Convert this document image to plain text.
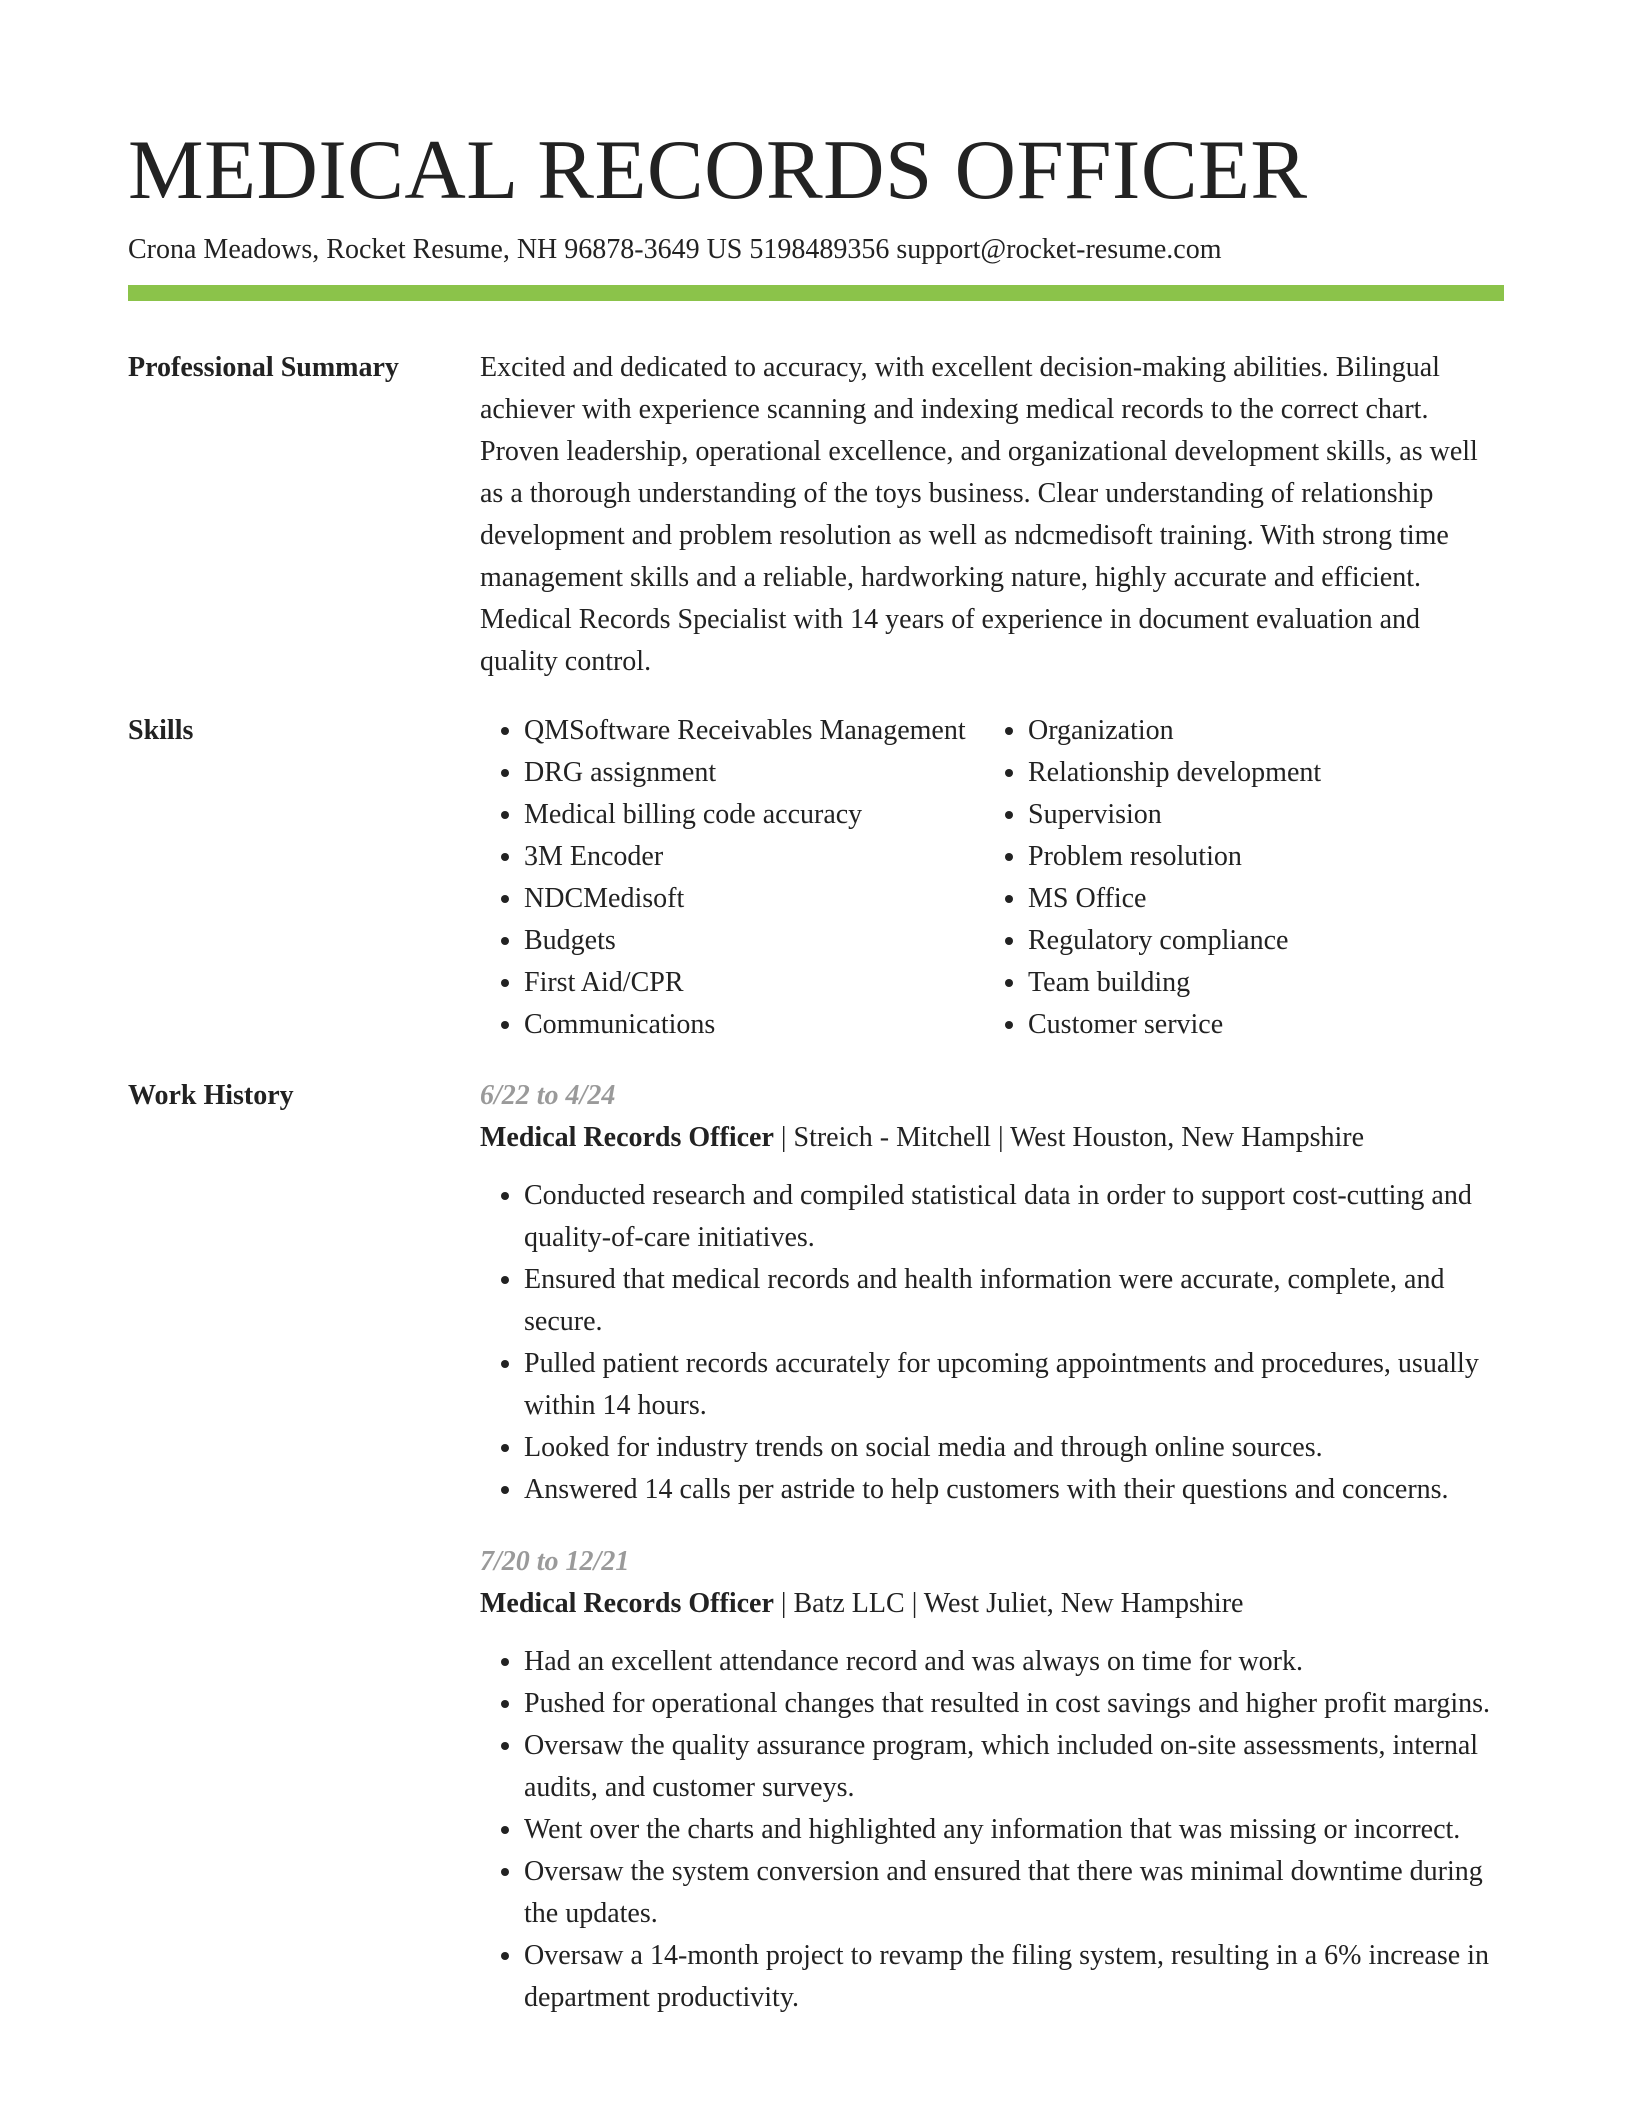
MEDICAL RECORDS OFFICER
Crona Meadows, Rocket Resume, NH 96878-3649 US 5198489356 support@rocket-resume.com
Professional Summary	Excited and dedicated to accuracy, with excellent decision-making abilities. Bilingual achiever with experience scanning and indexing medical records to the correct chart. Proven leadership, operational excellence, and organizational development skills, as well as a thorough understanding of the toys business. Clear understanding of relationship development and problem resolution as well as ndcmedisoft training. With strong time management skills and a reliable, hardworking nature, highly accurate and efficient. Medical Records Specialist with 14 years of experience in document evaluation and quality control.

Skills
•	QMSoftware Receivables Management
• DRG assignment
• Medical billing code accuracy
• 3M Encoder
• NDCMedisoft
• Budgets
• First Aid/CPR
• Communications
• Organization
• Relationship development
• Supervision
• Problem resolution
• MS Office
• Regulatory compliance
• Team building
• Customer service
Work History	6/22 to 4/24
Medical Records Officer | Streich - Mitchell | West Houston, New Hampshire
• Conducted research and compiled statistical data in order to support cost-cutting and quality-of-care initiatives.
• Ensured that medical records and health information were accurate, complete, and secure.
• Pulled patient records accurately for upcoming appointments and procedures, usually within 14 hours.
• Looked for industry trends on social media and through online sources.
• Answered 14 calls per astride to help customers with their questions and concerns.
7/20 to 12/21
Medical Records Officer | Batz LLC | West Juliet, New Hampshire
• Had an excellent attendance record and was always on time for work.
• Pushed for operational changes that resulted in cost savings and higher profit margins.
• Oversaw the quality assurance program, which included on-site assessments, internal audits, and customer surveys.
• Went over the charts and highlighted any information that was missing or incorrect.
• Oversaw the system conversion and ensured that there was minimal downtime during the updates.
• Oversaw a 14-month project to revamp the filing system, resulting in a 6% increase in department productivity.
